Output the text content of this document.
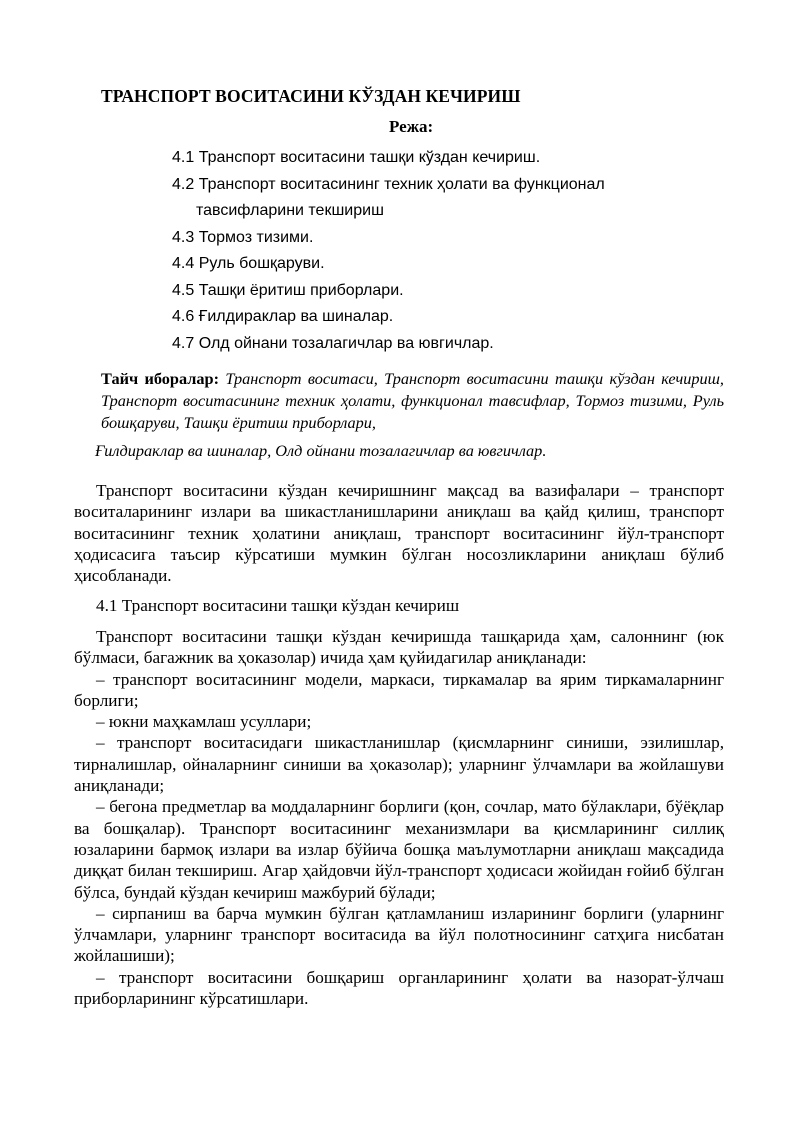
ТРАНСПОРТ ВОСИТАСИНИ КЎЗДАН КЕЧИРИШ
Режа:
4.1 Транспорт воситасини ташқи кўздан кечириш.
4.2 Транспорт воситасининг техник ҳолати ва функционал
тавсифларини текшириш
4.3 Тормоз тизими.
4.4 Руль бошқаруви.
4.5 Ташқи ёритиш приборлари.
4.6 Ғилдираклар ва шиналар.
4.7 Олд ойнани тозалагичлар ва ювгичлар.
Тайч иборалар: Транспорт воситаси, Транспорт воситасини ташқи кўздан кечириш, Транспорт воситасининг техник ҳолати, функционал тавсифлар, Тормоз тизими, Руль бошқаруви, Ташқи ёритиш приборлари,
Ғилдираклар ва шиналар, Олд ойнани тозалагичлар ва ювгичлар.

Транспорт воситасини кўздан кечиришнинг мақсад ва вазифалари – транспорт воситаларининг излари ва шикастланишларини аниқлаш ва қайд қилиш, транспорт воситасининг техник ҳолатини аниқлаш, транспорт воситасининг йўл-транспорт ҳодисасига таъсир кўрсатиши мумкин бўлган носозликларини аниқлаш бўлиб ҳисобланади.

4.1 Транспорт воситасини ташқи кўздан кечириш

Транспорт воситасини ташқи кўздан кечиришда ташқарида ҳам, салоннинг (юк бўлмаси, багажник ва ҳоказолар) ичида ҳам қуйидагилар аниқланади:

– транспорт воситасининг модели, маркаси, тиркамалар ва ярим тиркамаларнинг борлиги;

– юкни маҳкамлаш усуллари;

– транспорт воситасидаги шикастланишлар (қисмларнинг синиши, эзилишлар, тирналишлар, ойналарнинг синиши ва ҳоказолар); уларнинг ўлчамлари ва жойлашуви аниқланади;

– бегона предметлар ва моддаларнинг борлиги (қон, сочлар, мато бўлаклари, бўёқлар ва бошқалар). Транспорт воситасининг механизмлари ва қисмларининг силлиқ юзаларини бармоқ излари ва излар бўйича бошқа маълумотларни аниқлаш мақсадида диққат билан текшириш. Агар ҳайдовчи йўл-транспорт ҳодисаси жойидан ғойиб бўлган бўлса, бундай кўздан кечириш мажбурий бўлади;

– сирпаниш ва барча мумкин бўлган қатламланиш изларининг борлиги (уларнинг ўлчамлари, уларнинг транспорт воситасида ва йўл полотносининг сатҳига нисбатан жойлашиши);

– транспорт воситасини бошқариш органларининг ҳолати ва назорат-ўлчаш приборларининг кўрсатишлари.
